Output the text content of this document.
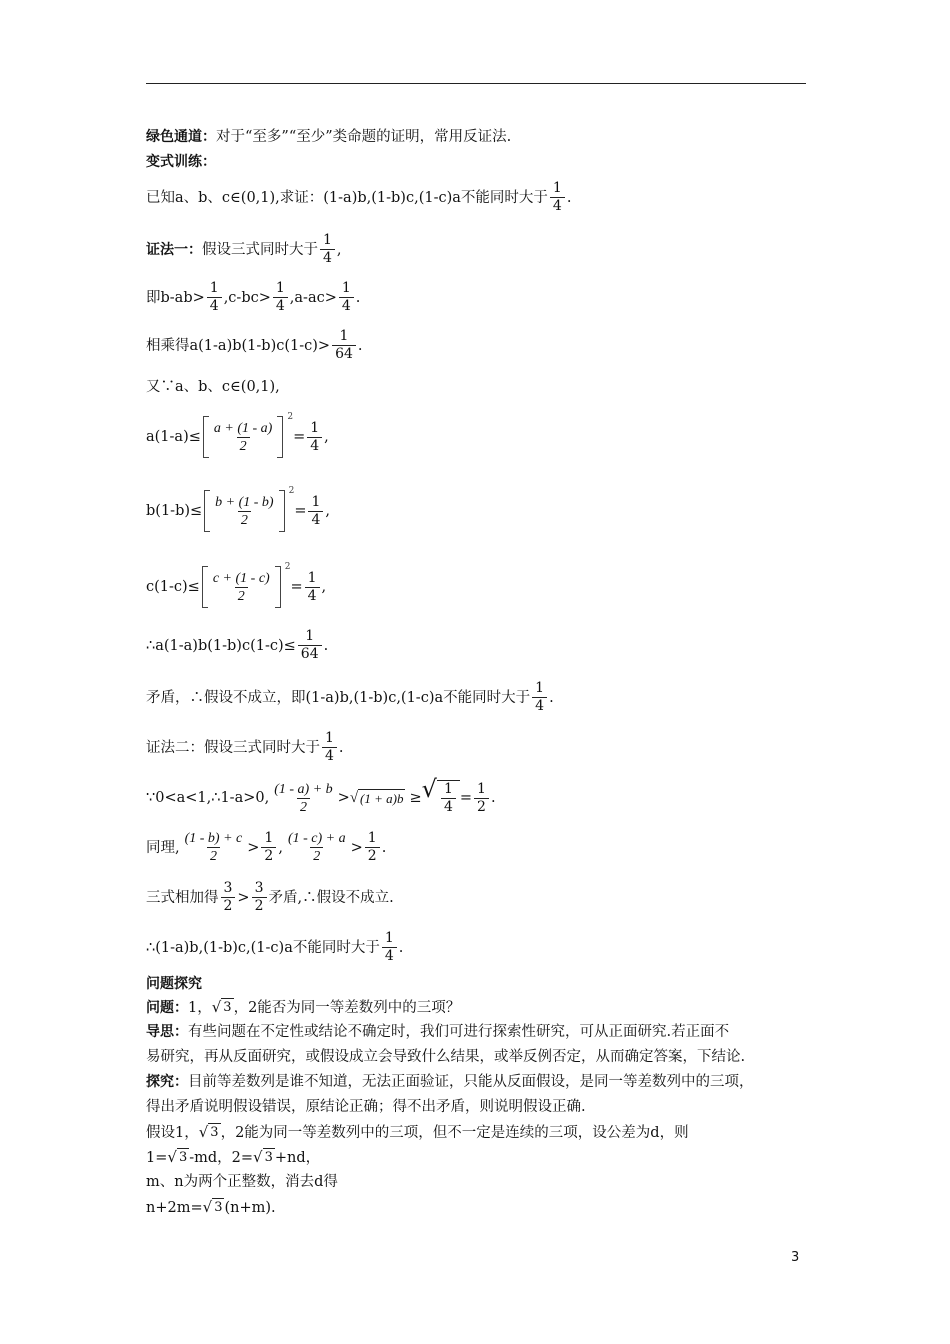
绿色通道： 对于“至多”“至少”类命题的证明，常用反证法.
变式训练：
已知a、b、c∈(0,1),求证：(1-a)b,(1-b)c,(1-c)a不能同时大于 $\frac{1}{4}$ .
证法一： 假设三式同时大于 $\frac{1}{4}$ ,
即$b-ab> \frac{1}{4} ,c-bc> \frac{1}{4} ,a-ac> \frac{1}{4}$ .
相乘得$a(1-a)b(1-b)c(1-c)> \frac{1}{64}$ .
又∵a、b、c∈(0,1),
$a(1-a)\le \frac{a + (1 - a)}{2}$
2
= $\frac{1}{4}$ ,
$b(1-b)\le \frac{b + (1 - b)}{2}$
2
= $\frac{1}{4}$ ,
$c(1-c)\le \frac{c + (1 - c)}{2}$
2
= $\frac{1}{4}$ ,
∴a(1-a)b(1-b)c(1-c)≤ $\frac{1}{64}$ .
矛盾，∴假设不成立，即(1-a)b,(1-b)c,(1-c)a不能同时大于 $\frac{1}{4}$ .
证法二：假设三式同时大于 $\frac{1}{4}$ .
∵0<a<1,∴1-a>0, $\frac{(1 - a) + b}{2}$ > √ (1 + a)b ≥ √ $\frac{1}{4} = \frac{1}{2}$ .
同理, $\frac{(1 - b) + c}{2} > \frac{1}{2}$ , $\frac{(1 - c) + a}{2} > \frac{1}{2}$ .
三式相加得 $\frac{3}{2} > \frac{3}{2}$ 矛盾,∴假设不成立.
∴(1-a)b,(1-b)c,(1-c)a不能同时大于 $\frac{1}{4}$ .
问题探究
问题： 1， √ 3 ，2能否为同一等差数列中的三项？
导思： 有些问题在不定性或结论不确定时，我们可进行探索性研究，可从正面研究.若正面不
易研究，再从反面研究，或假设成立会导致什么结果，或举反例否定，从而确定答案，下结论.
探究： 目前等差数列是谁不知道，无法正面验证，只能从反面假设，是同一等差数列中的三项，
得出矛盾说明假设错误，原结论正确；得不出矛盾，则说明假设正确.
假设1， √ 3 ，2能为同一等差数列中的三项，但不一定是连续的三项，设公差为d，则
1= √ 3 -md，2= √ 3 +nd，
m、n为两个正整数，消去d得
n+2m= √ 3 (n+m).
3
